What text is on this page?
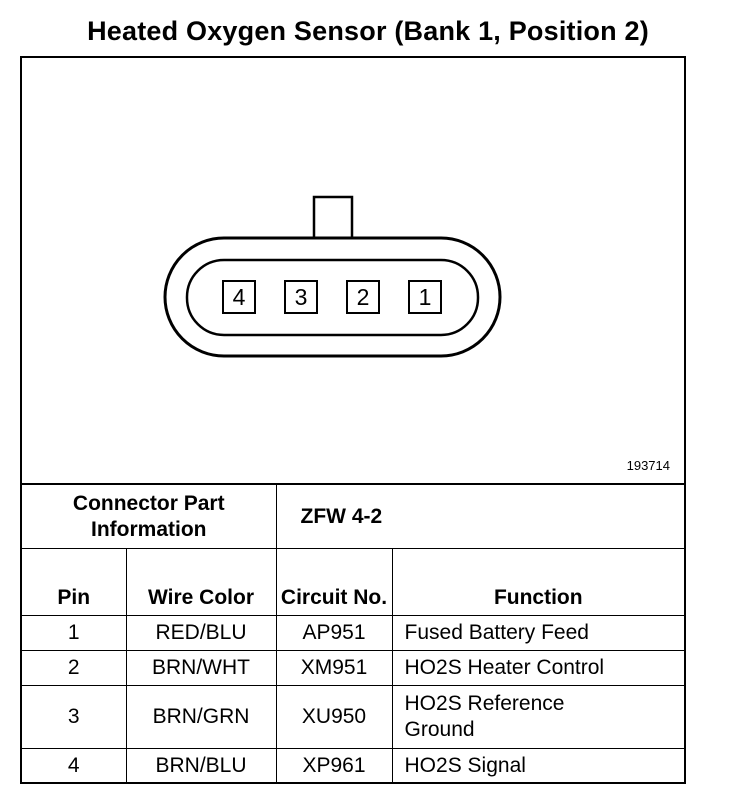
Heated Oxygen Sensor (Bank 1, Position 2)
4	3	2	1
193714
Connector Part Information		ZFW 4-2	
Pin	Wire Color	Circuit No.	Function
1	RED/BLU	AP951	Fused Battery Feed
2	BRN/WHT	XM951	HO2S Heater Control
3	BRN/GRN	XU950	HO2S Reference Ground

4	BRN/BLU	XP961	HO2S Signal
